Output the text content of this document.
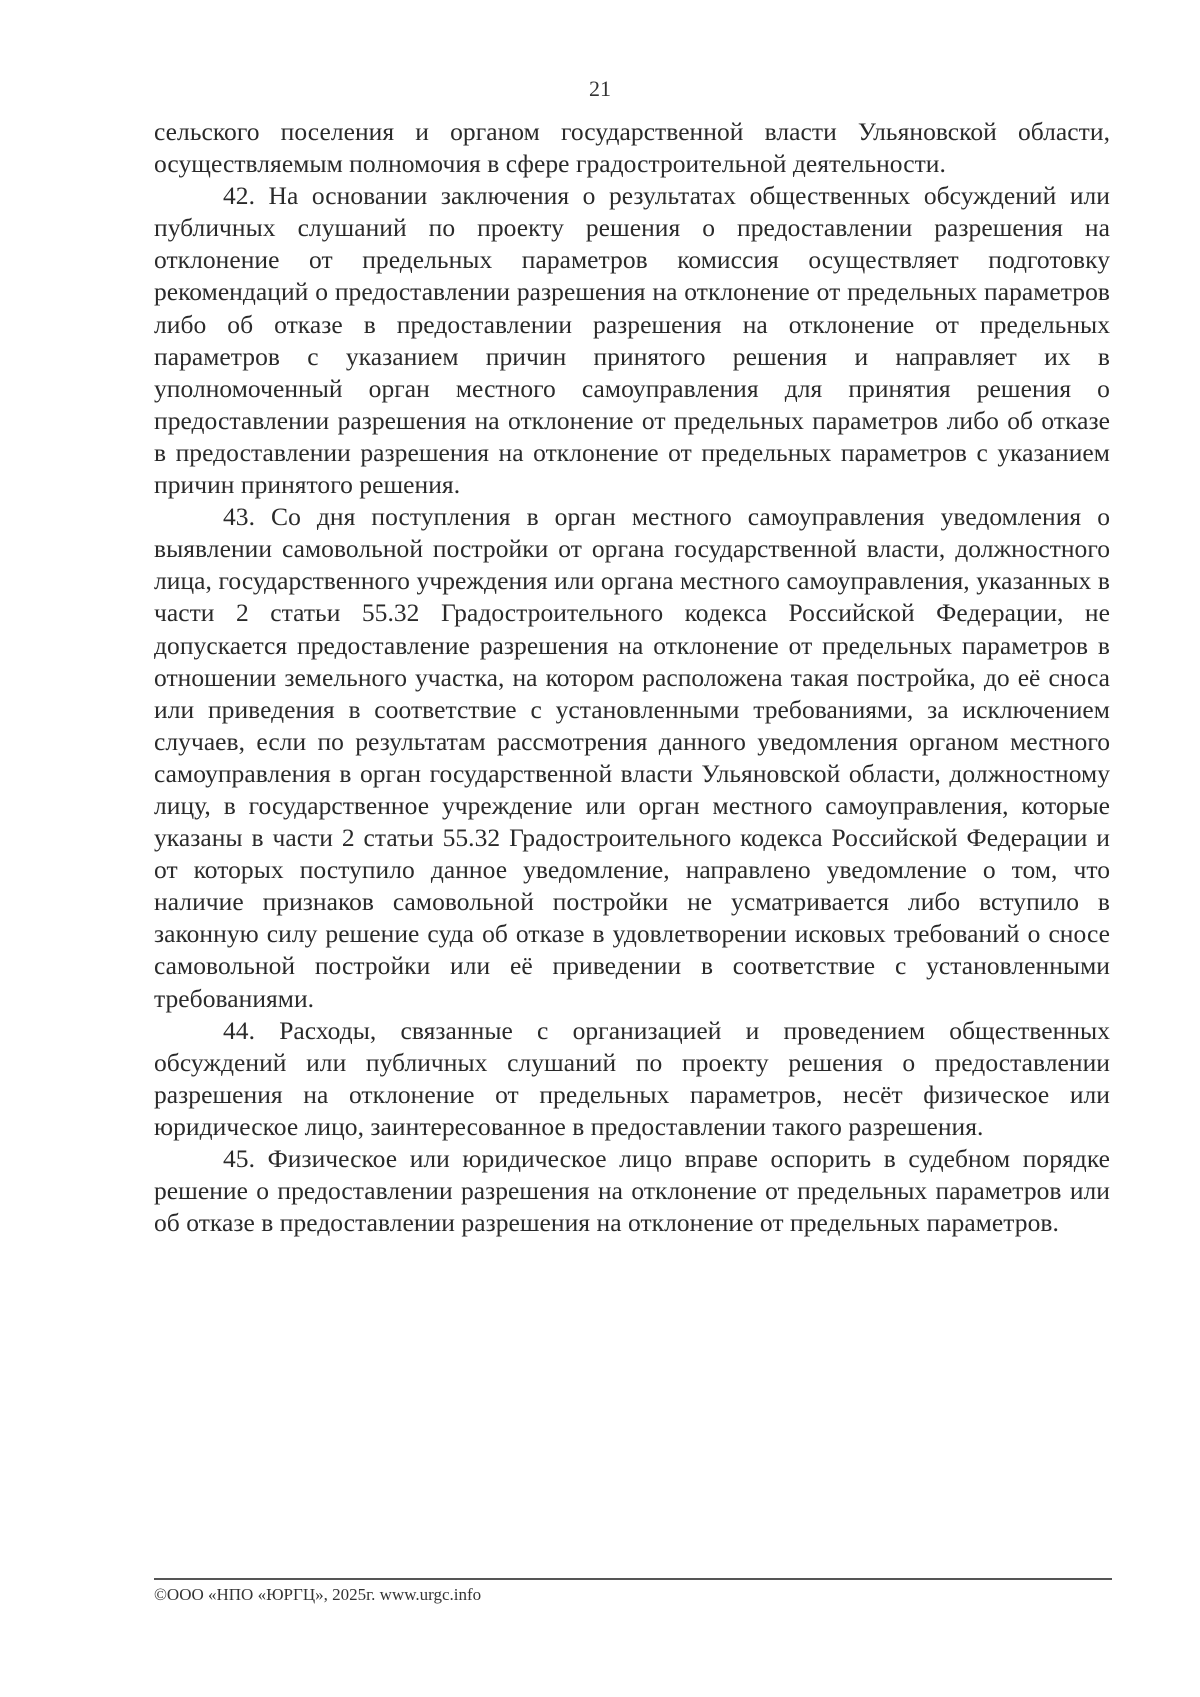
21

сельского поселения и органом государственной власти Ульяновской области, осуществляемым полномочия в сфере градостроительной деятельности.

42. На основании заключения о результатах общественных обсуждений или публичных слушаний по проекту решения о предоставлении разрешения на отклонение от предельных параметров комиссия осуществляет подготовку рекомендаций о предоставлении разрешения на отклонение от предельных параметров либо об отказе в предоставлении разрешения на отклонение от предельных параметров с указанием причин принятого решения и направляет их в уполномоченный орган местного самоуправления для принятия решения о предоставлении разрешения на отклонение от предельных параметров либо об отказе в предоставлении разрешения на отклонение от предельных параметров с указанием причин принятого решения.

43. Со дня поступления в орган местного самоуправления уведомления о выявлении самовольной постройки от органа государственной власти, должностного лица, государственного учреждения или органа местного самоуправления, указанных в части 2 статьи 55.32 Градостроительного кодекса Российской Федерации, не допускается предоставление разрешения на отклонение от предельных параметров в отношении земельного участка, на котором расположена такая постройка, до её сноса или приведения в соответствие с установленными требованиями, за исключением случаев, если по результатам рассмотрения данного уведомления органом местного самоуправления в орган государственной власти Ульяновской области, должностному лицу, в государственное учреждение или орган местного самоуправления, которые указаны в части 2 статьи 55.32 Градостроительного кодекса Российской Федерации и от которых поступило данное уведомление, направлено уведомление о том, что наличие признаков самовольной постройки не усматривается либо вступило в законную силу решение суда об отказе в удовлетворении исковых требований о сносе самовольной постройки или её приведении в соответствие с установленными требованиями.

44. Расходы, связанные с организацией и проведением общественных обсуждений или публичных слушаний по проекту решения о предоставлении разрешения на отклонение от предельных параметров, несёт физическое или юридическое лицо, заинтересованное в предоставлении такого разрешения.

45. Физическое или юридическое лицо вправе оспорить в судебном порядке решение о предоставлении разрешения на отклонение от предельных параметров или об отказе в предоставлении разрешения на отклонение от предельных параметров.

©ООО «НПО «ЮРГЦ», 2025г. www.urgc.info
